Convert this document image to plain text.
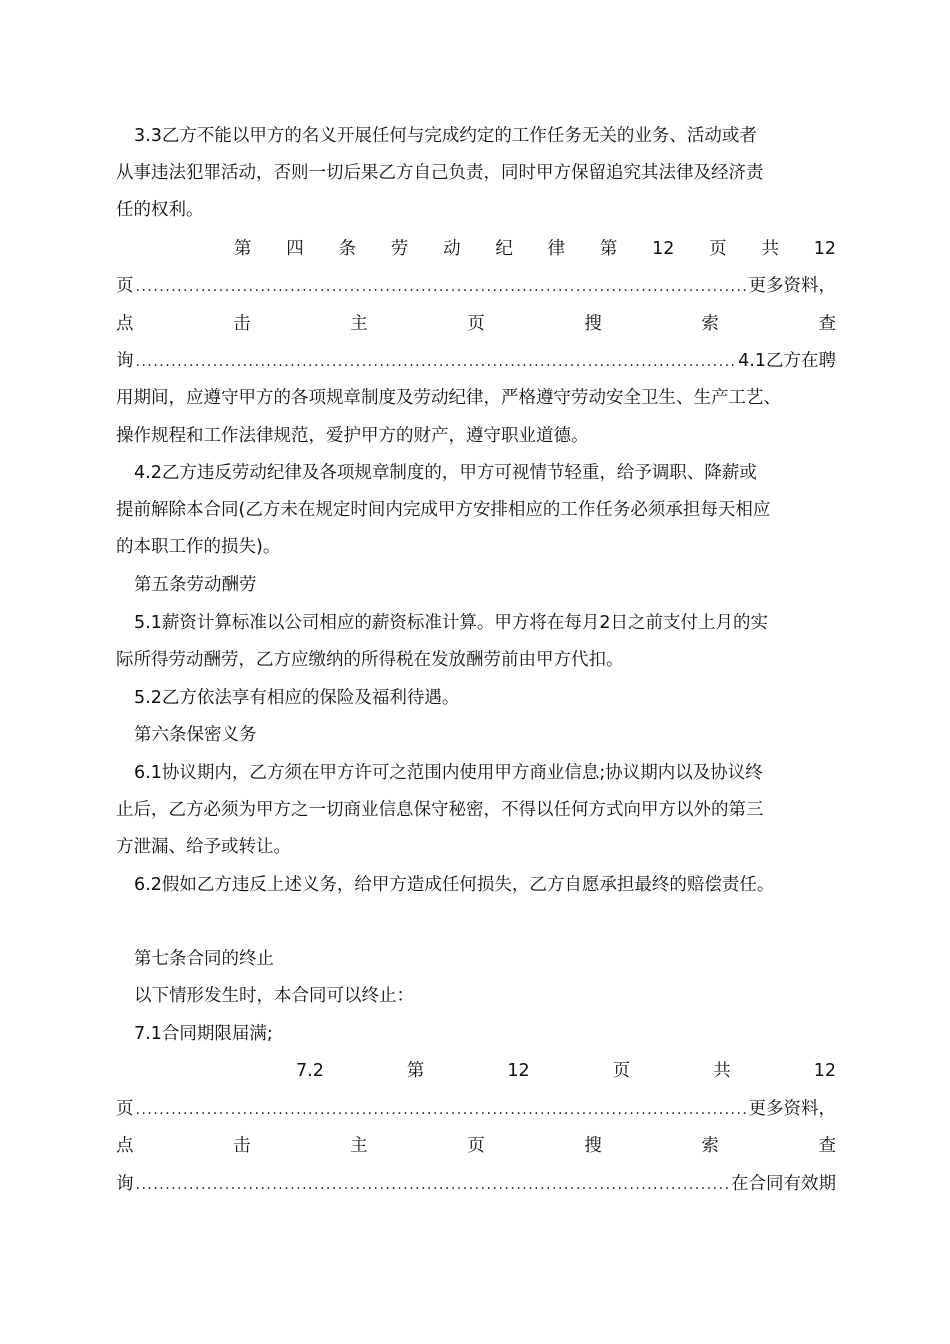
3.3乙方不能以甲方的名义开展任何与完成约定的工作任务无关的业务、活动或者
从事违法犯罪活动，否则一切后果乙方自己负责，同时甲方保留追究其法律及经济责
任的权利。
第 四 条 劳 动 纪 律 第 12 页 共 12
页 .....	更多资料，
点	击	主	页	搜	索	查
询 .....	4.1乙方在聘
用期间，应遵守甲方的各项规章制度及劳动纪律，严格遵守劳动安全卫生、生产工艺、
操作规程和工作法律规范，爱护甲方的财产，遵守职业道德。
4.2乙方违反劳动纪律及各项规章制度的，甲方可视情节轻重，给予调职、降薪或
提前解除本合同(乙方未在规定时间内完成甲方安排相应的工作任务必须承担每天相应
的本职工作的损失)。
第五条劳动酬劳
5.1薪资计算标准以公司相应的薪资标准计算。甲方将在每月2日之前支付上月的实
际所得劳动酬劳，乙方应缴纳的所得税在发放酬劳前由甲方代扣。
5.2乙方依法享有相应的保险及福利待遇。
第六条保密义务
6.1协议期内，乙方须在甲方许可之范围内使用甲方商业信息;协议期内以及协议终
止后，乙方必须为甲方之一切商业信息保守秘密，不得以任何方式向甲方以外的第三
方泄漏、给予或转让。
6.2假如乙方违反上述义务，给甲方造成任何损失，乙方自愿承担最终的赔偿责任。
第七条合同的终止
以下情形发生时，本合同可以终止：
7.1合同期限届满;
7.2	第	12	页	共	12
页 .....	更多资料，
点	击	主	页	搜	索	查
询 .....	在合同有效期
